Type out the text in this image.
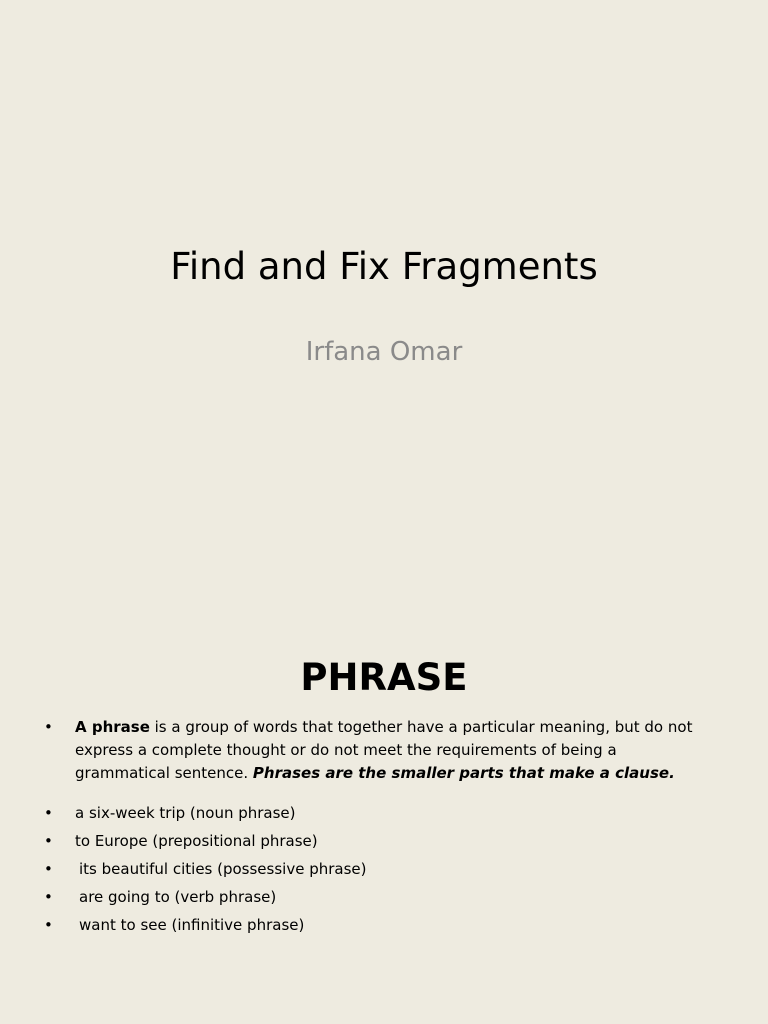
Find and Fix Fragments
Irfana Omar
PHRASE
• A phrase is a group of words that together have a particular meaning, but do not express a complete thought or do not meet the requirements of being a grammatical sentence. Phrases are the smaller parts that make a clause.
• a six-week trip (noun phrase)
• to Europe (prepositional phrase)
• its beautiful cities (possessive phrase)
• are going to (verb phrase)
• want to see (infinitive phrase)
